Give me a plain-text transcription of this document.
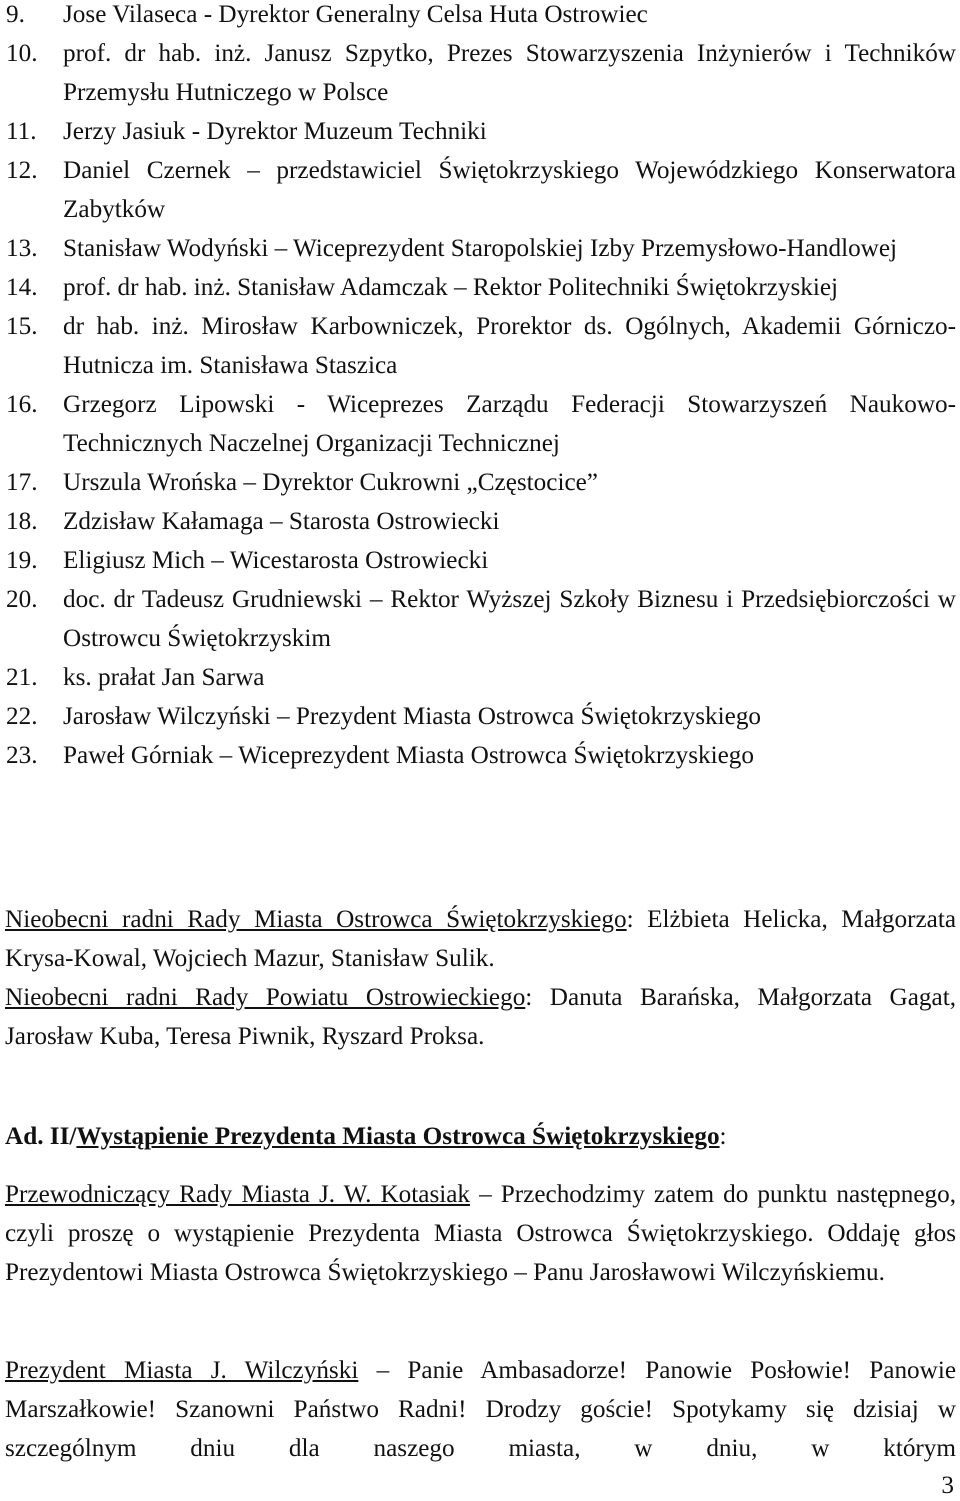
9.	Jose Vilaseca - Dyrektor Generalny Celsa Huta Ostrowiec
10.	prof. dr hab. inż. Janusz Szpytko, Prezes Stowarzyszenia Inżynierów i Techników Przemysłu Hutniczego w Polsce
11.	Jerzy Jasiuk - Dyrektor Muzeum Techniki
12.	Daniel Czernek – przedstawiciel Świętokrzyskiego Wojewódzkiego Konserwatora Zabytków
13.	Stanisław Wodyński – Wiceprezydent Staropolskiej Izby Przemysłowo-Handlowej
14.	prof. dr hab. inż. Stanisław Adamczak – Rektor Politechniki Świętokrzyskiej
15.	dr hab. inż. Mirosław Karbowniczek, Prorektor ds. Ogólnych, Akademii Górniczo-Hutnicza im. Stanisława Staszica
16.	Grzegorz Lipowski - Wiceprezes Zarządu Federacji Stowarzyszeń Naukowo-Technicznych Naczelnej Organizacji Technicznej
17.	Urszula Wrońska – Dyrektor Cukrowni „Częstocice”
18.	Zdzisław Kałamaga – Starosta Ostrowiecki
19.	Eligiusz Mich – Wicestarosta Ostrowiecki
20.	doc. dr Tadeusz Grudniewski – Rektor Wyższej Szkoły Biznesu i Przedsiębiorczości w Ostrowcu Świętokrzyskim
21.	ks. prałat Jan Sarwa
22.	Jarosław Wilczyński – Prezydent Miasta Ostrowca Świętokrzyskiego
23.	Paweł Górniak – Wiceprezydent Miasta Ostrowca Świętokrzyskiego
Nieobecni radni Rady Miasta Ostrowca Świętokrzyskiego: Elżbieta Helicka, Małgorzata Krysa-Kowal, Wojciech Mazur, Stanisław Sulik.
Nieobecni radni Rady Powiatu Ostrowieckiego: Danuta Barańska, Małgorzata Gagat, Jarosław Kuba, Teresa Piwnik, Ryszard Proksa.
Ad. II/Wystąpienie Prezydenta Miasta Ostrowca Świętokrzyskiego:
Przewodniczący Rady Miasta J. W. Kotasiak – Przechodzimy zatem do punktu następnego, czyli proszę o wystąpienie Prezydenta Miasta Ostrowca Świętokrzyskiego. Oddaję głos Prezydentowi Miasta Ostrowca Świętokrzyskiego – Panu Jarosławowi Wilczyńskiemu.
Prezydent Miasta J. Wilczyński – Panie Ambasadorze! Panowie Posłowie! Panowie Marszałkowie! Szanowni Państwo Radni! Drodzy goście! Spotykamy się dzisiaj w szczególnym dniu dla naszego miasta, w dniu, w którym
3
